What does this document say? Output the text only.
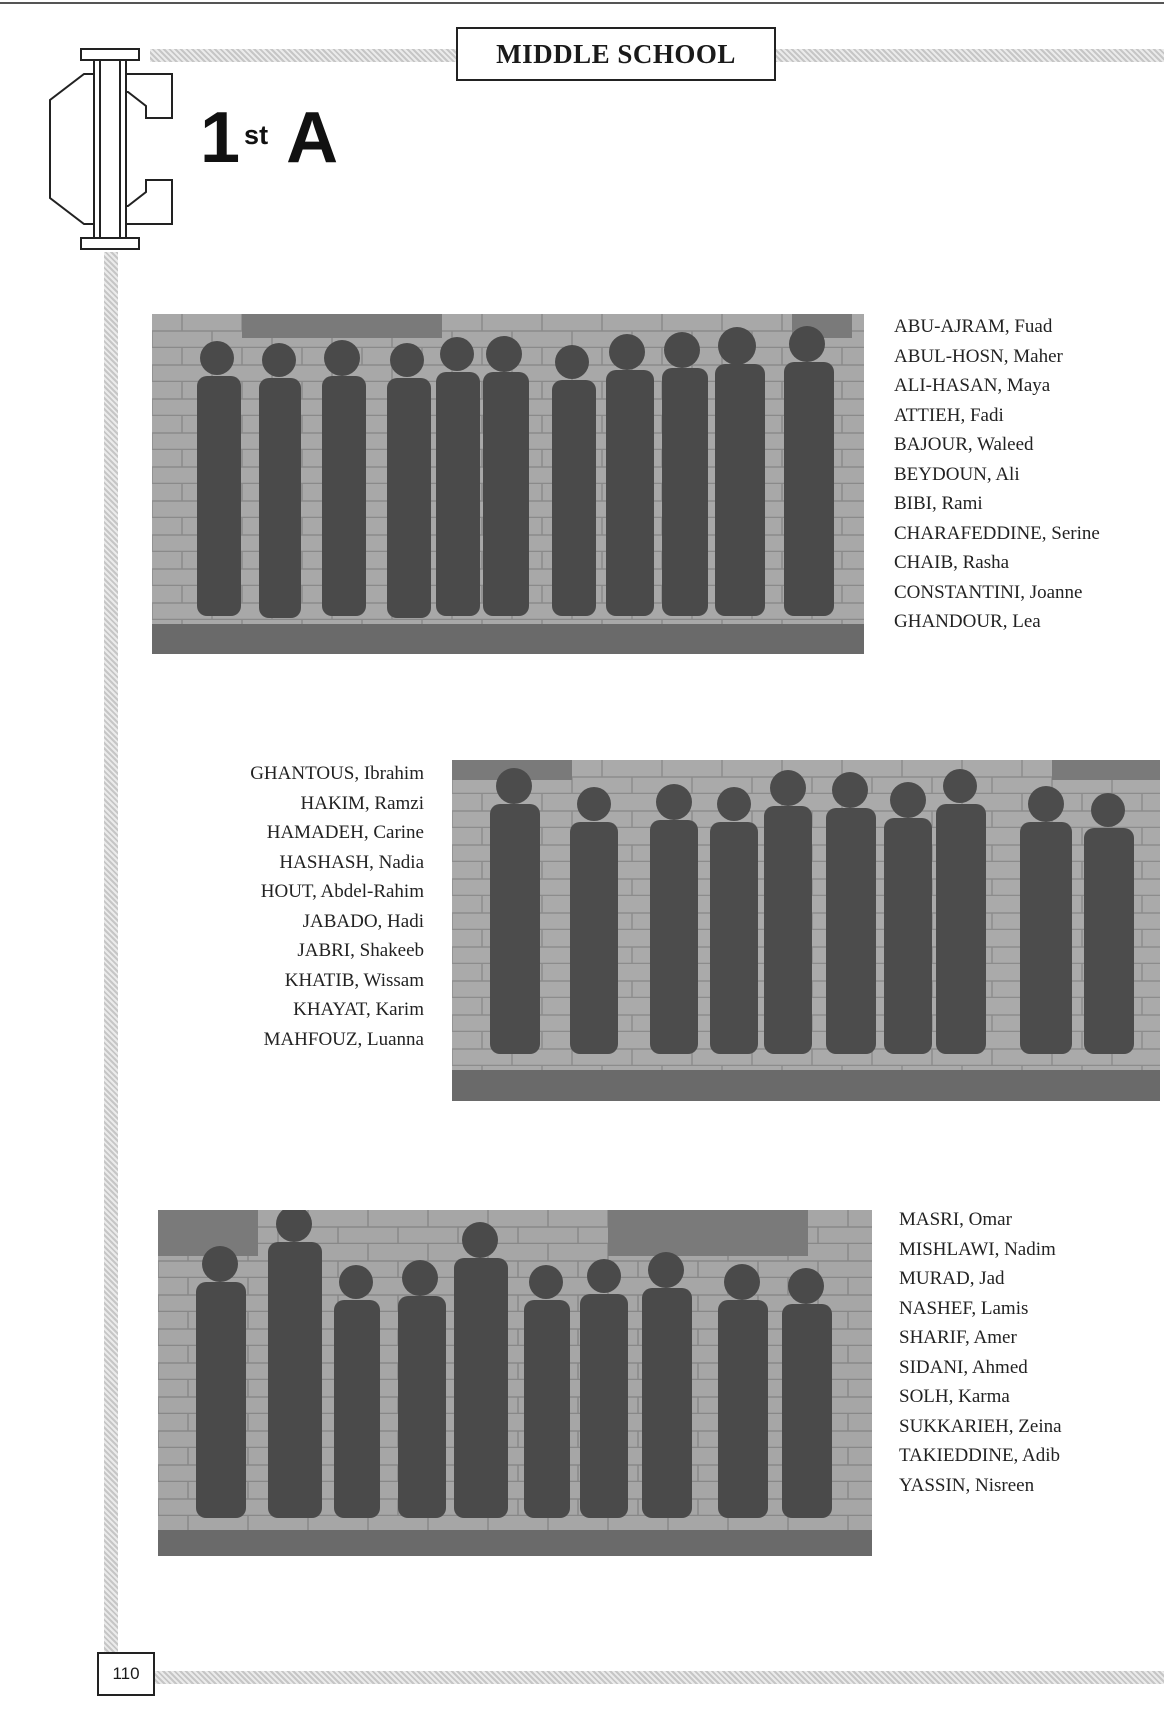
MIDDLE SCHOOL
1 st A
ABU-AJRAM, Fuad
ABUL-HOSN, Maher
ALI-HASAN, Maya
ATTIEH, Fadi
BAJOUR, Waleed
BEYDOUN, Ali
BIBI, Rami
CHARAFEDDINE, Serine
CHAIB, Rasha
CONSTANTINI, Joanne
GHANDOUR, Lea
GHANTOUS, Ibrahim
HAKIM, Ramzi
HAMADEH, Carine
HASHASH, Nadia
HOUT, Abdel-Rahim
JABADO, Hadi
JABRI, Shakeeb
KHATIB, Wissam
KHAYAT, Karim
MAHFOUZ, Luanna
MASRI, Omar
MISHLAWI, Nadim
MURAD, Jad
NASHEF, Lamis
SHARIF, Amer
SIDANI, Ahmed
SOLH, Karma
SUKKARIEH, Zeina
TAKIEDDINE, Adib
YASSIN, Nisreen
110
